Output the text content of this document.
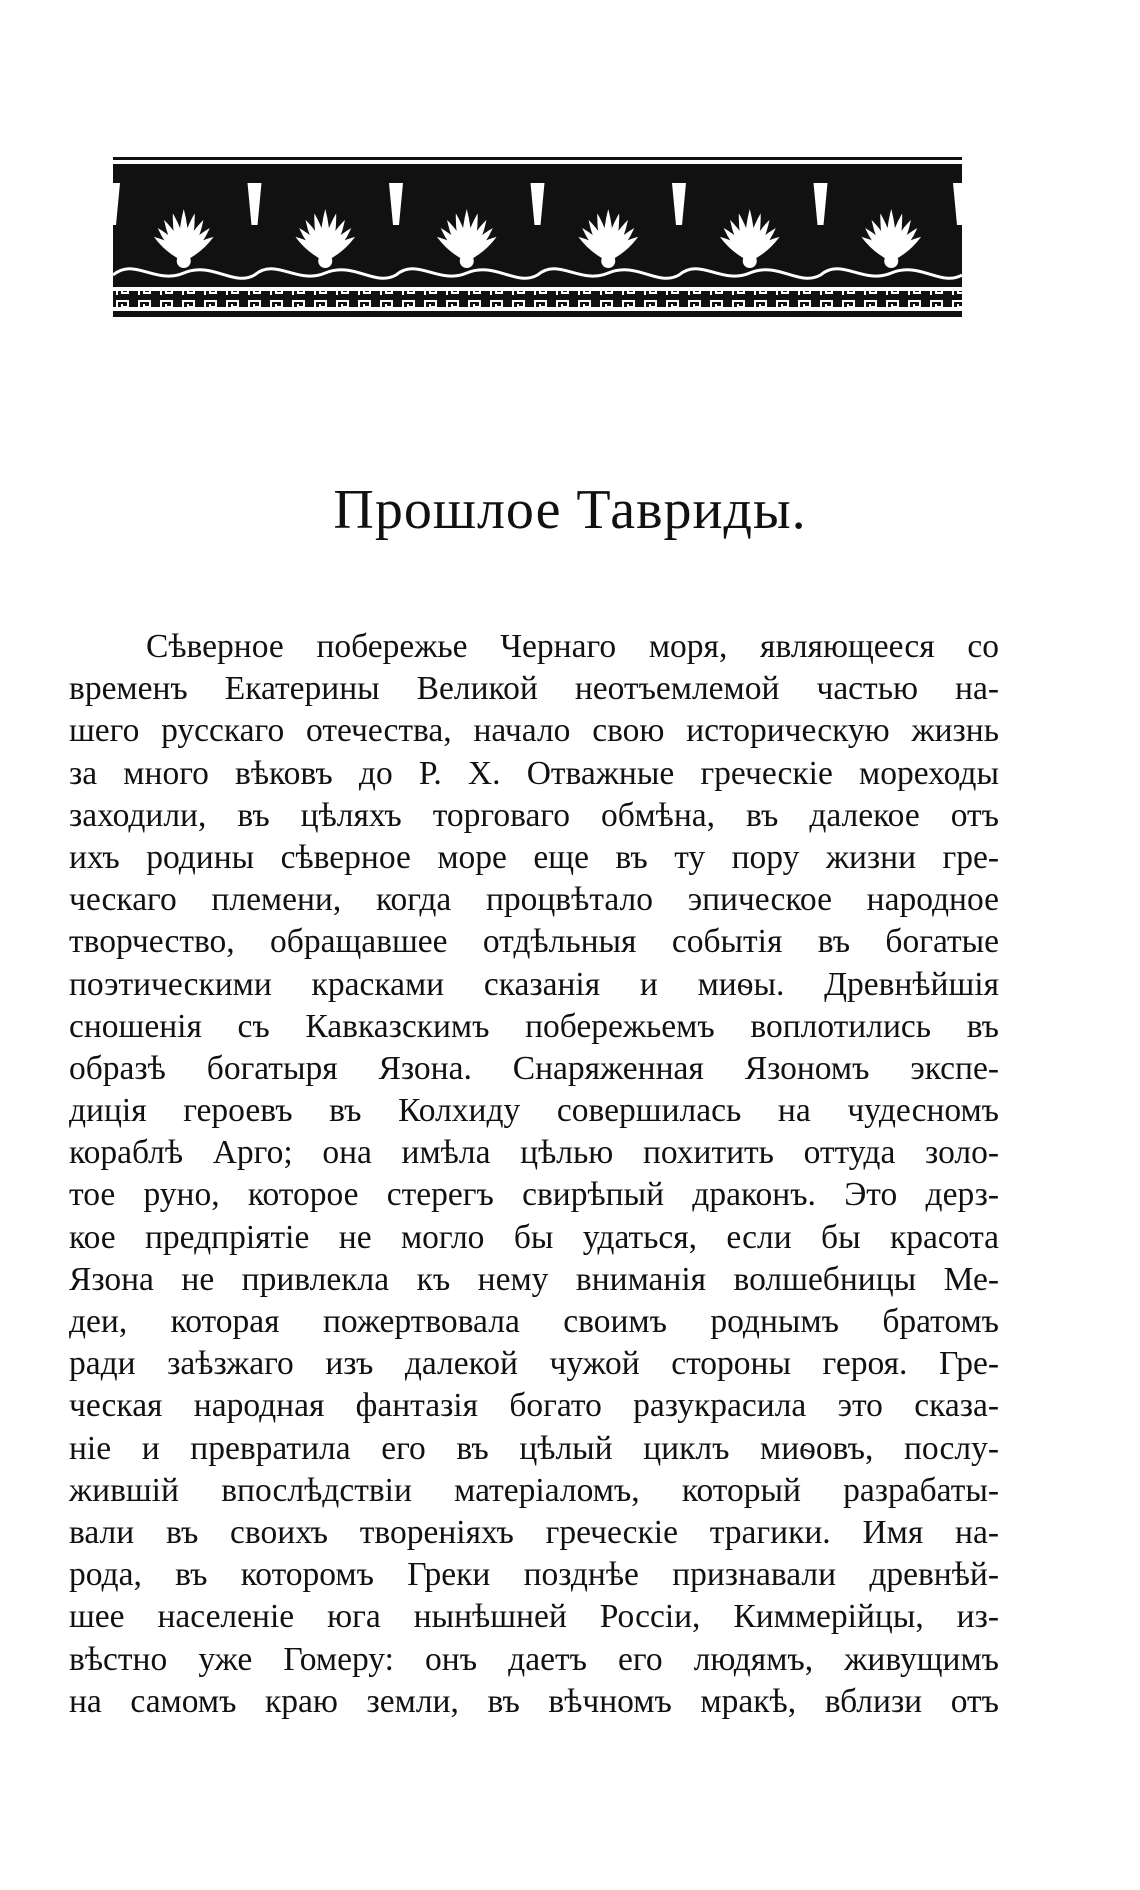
Прошлое Тавриды.
Сѣверное побережье Чернаго моря, являющееся со
временъ Екатерины Великой неотъемлемой частью на-
шего русскаго отечества, начало свою историческую жизнь
за много вѣковъ до Р. Х. Отважные греческіе мореходы
заходили, въ цѣляхъ торговаго обмѣна, въ далекое отъ
ихъ родины сѣверное море еще въ ту пору жизни гре-
ческаго племени, когда процвѣтало эпическое народное
творчество, обращавшее отдѣльныя событія въ богатые
поэтическими красками сказанія и миѳы. Древнѣйшія
сношенія съ Кавказскимъ побережьемъ воплотились въ
образѣ богатыря Язона. Снаряженная Язономъ экспе-
диція героевъ въ Колхиду совершилась на чудесномъ
кораблѣ Арго; она имѣла цѣлью похитить оттуда золо-
тое руно, которое стерегъ свирѣпый драконъ. Это дерз-
кое предпріятіе не могло бы удаться, если бы красота
Язона не привлекла къ нему вниманія волшебницы Ме-
деи, которая пожертвовала своимъ роднымъ братомъ
ради заѣзжаго изъ далекой чужой стороны героя. Гре-
ческая народная фантазія богато разукрасила это сказа-
ніе и превратила его въ цѣлый циклъ миѳовъ, послу-
жившій впослѣдствіи матеріаломъ, который разрабаты-
вали въ своихъ твореніяхъ греческіе трагики. Имя на-
рода, въ которомъ Греки позднѣе признавали древнѣй-
шее населеніе юга нынѣшней Россіи, Киммерійцы, из-
вѣстно уже Гомеру: онъ даетъ его людямъ, живущимъ
на самомъ краю земли, въ вѣчномъ мракѣ, вблизи отъ
